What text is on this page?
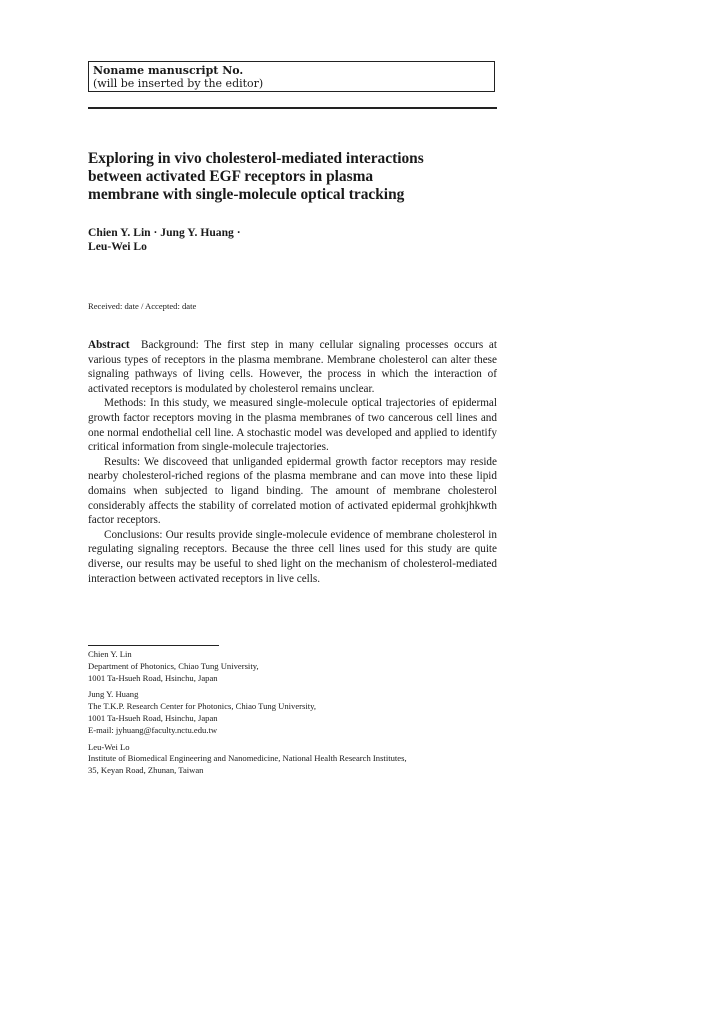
Noname manuscript No.
(will be inserted by the editor)
Exploring in vivo cholesterol-mediated interactions
between activated EGF receptors in plasma
membrane with single-molecule optical tracking
Chien Y. Lin · Jung Y. Huang ·
Leu-Wei Lo
Received: date / Accepted: date

Abstract Background: The first step in many cellular signaling processes occurs at various types of receptors in the plasma membrane. Membrane cholesterol can alter these signaling pathways of living cells. However, the process in which the interaction of activated receptors is modulated by cholesterol remains unclear.

Methods: In this study, we measured single-molecule optical trajectories of epidermal growth factor receptors moving in the plasma membranes of two cancerous cell lines and one normal endothelial cell line. A stochastic model was developed and applied to identify critical information from single-molecule trajectories.

Results: We discoveed that unliganded epidermal growth factor receptors may reside nearby cholesterol-riched regions of the plasma membrane and can move into these lipid domains when subjected to ligand binding. The amount of membrane cholesterol considerably affects the stability of correlated motion of activated epidermal grohkjhkwth factor receptors.

Conclusions: Our results provide single-molecule evidence of membrane cholesterol in regulating signaling receptors. Because the three cell lines used for this study are quite diverse, our results may be useful to shed light on the mechanism of cholesterol-mediated interaction between activated receptors in live cells.

Chien Y. Lin
Department of Photonics, Chiao Tung University,
1001 Ta-Hsueh Road, Hsinchu, Japan
Jung Y. Huang
The T.K.P. Research Center for Photonics, Chiao Tung University,
1001 Ta-Hsueh Road, Hsinchu, Japan
E-mail: jyhuang@faculty.nctu.edu.tw
Leu-Wei Lo
Institute of Biomedical Engineering and Nanomedicine, National Health Research Institutes,
35, Keyan Road, Zhunan, Taiwan
